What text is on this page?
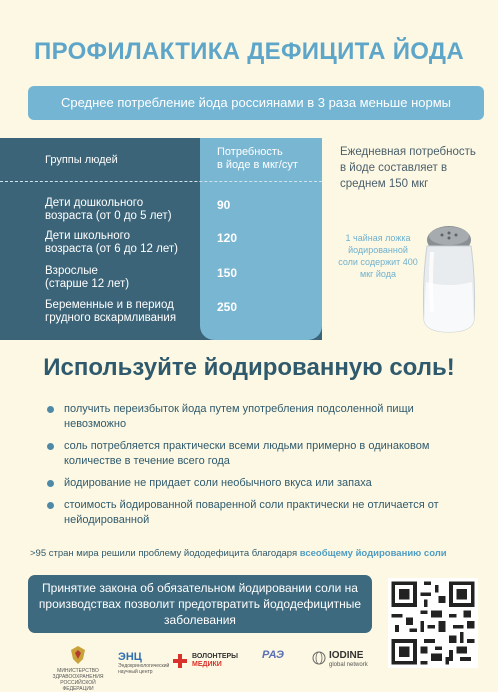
ПРОФИЛАКТИКА ДЕФИЦИТА ЙОДА
Среднее потребление йода россиянами в 3 раза меньше нормы
Группы людей
Потребность
в йоде в мкг/сут
Дети дошкольного
возраста (от 0 до 5 лет)
90
Дети школьного
возраста (от 6 до 12 лет)
120
Взрослые
(старше 12 лет)
150
Беременные и в период
грудного вскармливания
250
Ежедневная потребность в йоде составляет в среднем 150 мкг
1 чайная ложка йодированной соли содержит 400 мкг йода
Используйте йодированную соль!
получить переизбыток йода путем употребления подсоленной пищи невозможно
соль потребляется практически всеми людьми примерно в одинаковом количестве в течение всего года
йодирование не придает соли необычного вкуса или запаха
стоимость йодированной поваренной соли практически не отличается от нейодированной
>95 стран мира решили проблему йододефицита благодаря всеобщему йодированию соли
Принятие закона об обязательном йодировании соли на производствах позволит предотвратить йододефицитные заболевания
МИНИСТЕРСТВО ЗДРАВООХРАНЕНИЯ РОССИЙСКОЙ ФЕДЕРАЦИИ
ЭНЦ
Эндокринологический научный центр
ВОЛОНТЕРЫ
МЕДИКИ
РАЭ	IODINE
global network
